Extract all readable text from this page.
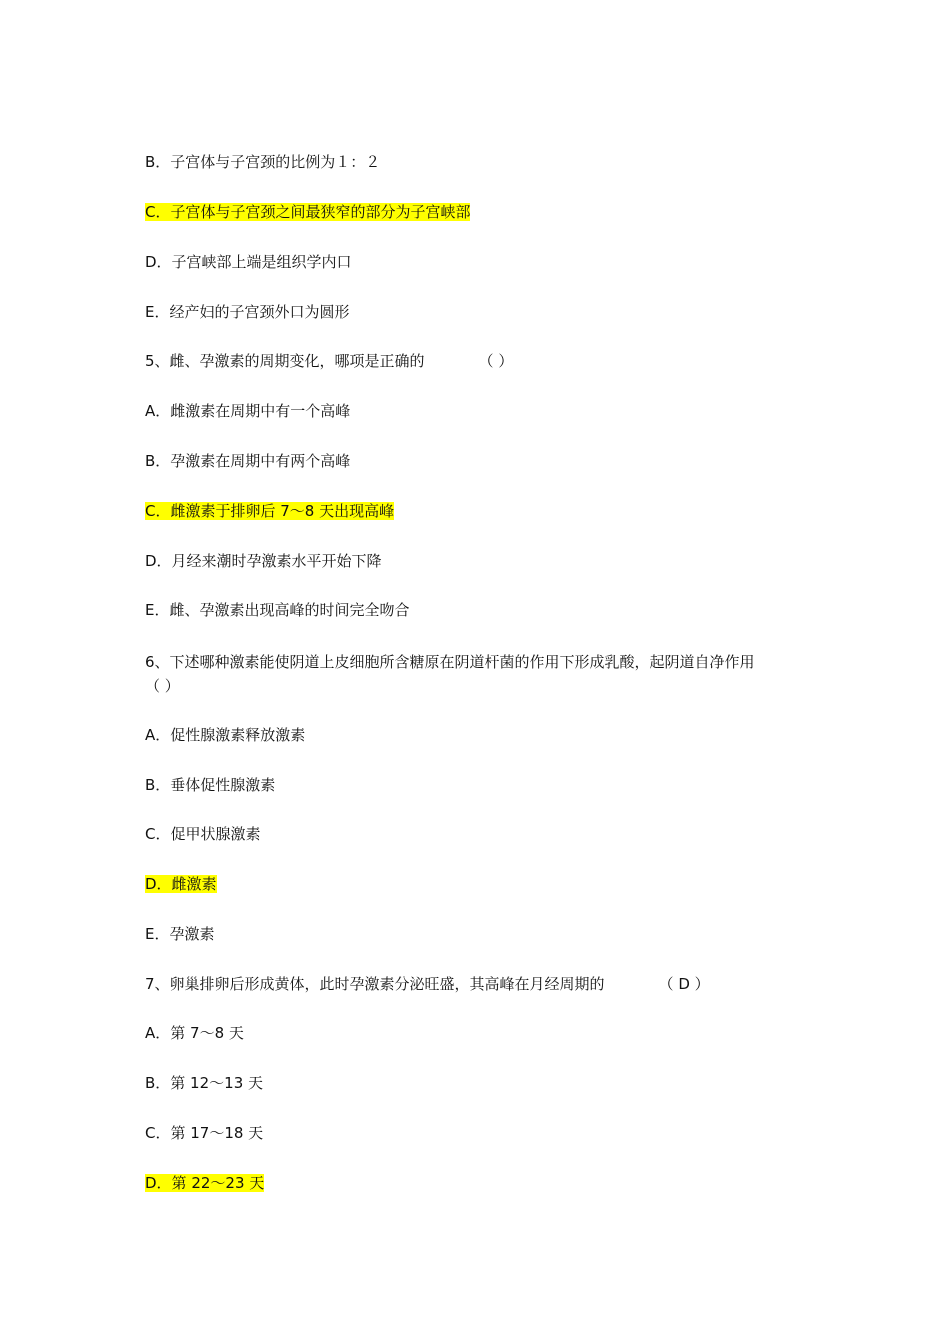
B．子宫体与子宫颈的比例为１：２
C．子宫体与子宫颈之间最狭窄的部分为子宫峡部
D．子宫峡部上端是组织学内口
E．经产妇的子宫颈外口为圆形
5、雌、孕激素的周期变化，哪项是正确的	（ ）
A．雌激素在周期中有一个高峰
B．孕激素在周期中有两个高峰
C．雌激素于排卵后 7～8 天出现高峰
D．月经来潮时孕激素水平开始下降
E．雌、孕激素出现高峰的时间完全吻合
6、下述哪种激素能使阴道上皮细胞所含糖原在阴道杆菌的作用下形成乳酸，起阴道自净作用（ ）
A．促性腺激素释放激素
B．垂体促性腺激素
C．促甲状腺激素
D．雌激素
E．孕激素
7、卵巢排卵后形成黄体，此时孕激素分泌旺盛，其高峰在月经周期的	（ D ）
A．第 7～8 天
B．第 12～13 天
C．第 17～18 天
D．第 22～23 天
